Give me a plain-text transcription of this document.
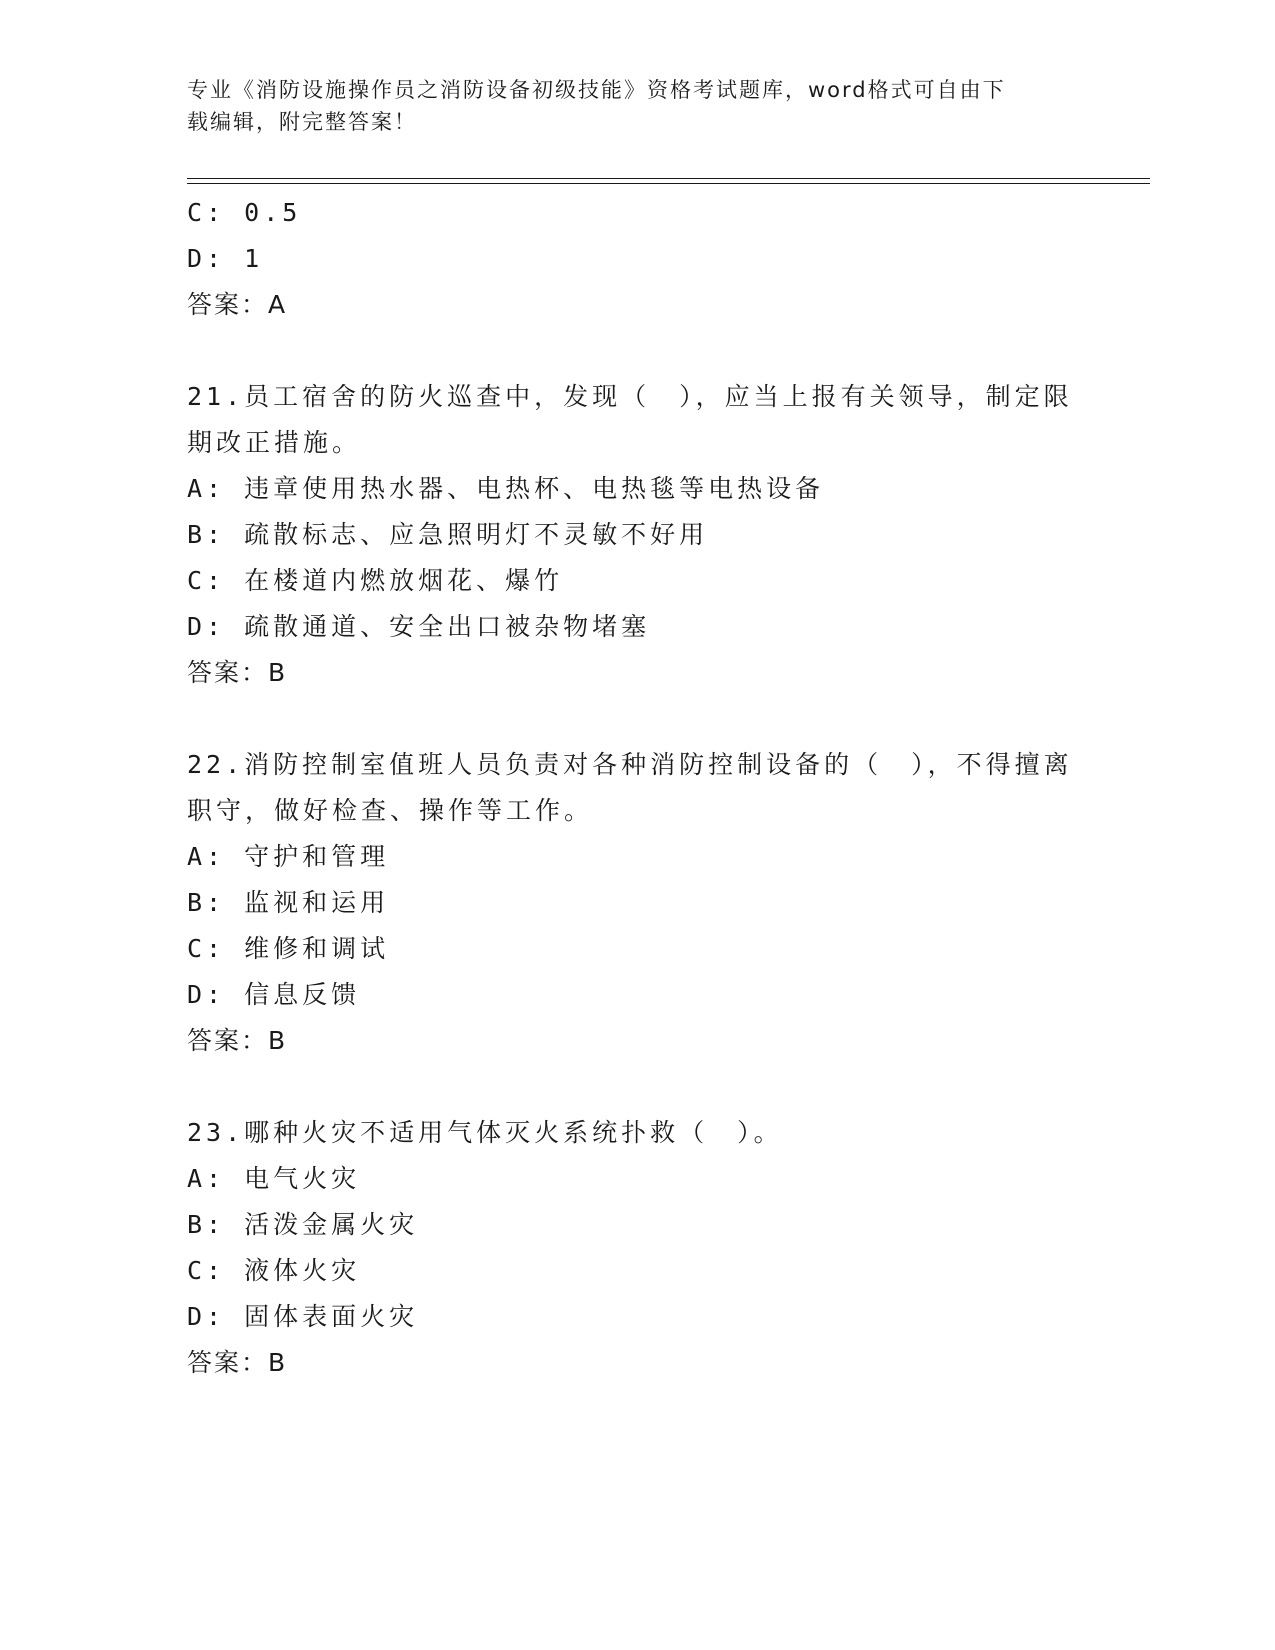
专业《消防设施操作员之消防设备初级技能》资格考试题库，word格式可自由下
载编辑，附完整答案！
C: 0.5
D: 1
答案：A
21.员工宿舍的防火巡查中，发现（　），应当上报有关领导，制定限
期改正措施。
A: 违章使用热水器、电热杯、电热毯等电热设备
B: 疏散标志、应急照明灯不灵敏不好用
C: 在楼道内燃放烟花、爆竹
D: 疏散通道、安全出口被杂物堵塞
答案：B
22.消防控制室值班人员负责对各种消防控制设备的（　），不得擅离
职守，做好检查、操作等工作。
A: 守护和管理
B: 监视和运用
C: 维修和调试
D: 信息反馈
答案：B
23.哪种火灾不适用气体灭火系统扑救（　）。
A: 电气火灾
B: 活泼金属火灾
C: 液体火灾
D: 固体表面火灾
答案：B
